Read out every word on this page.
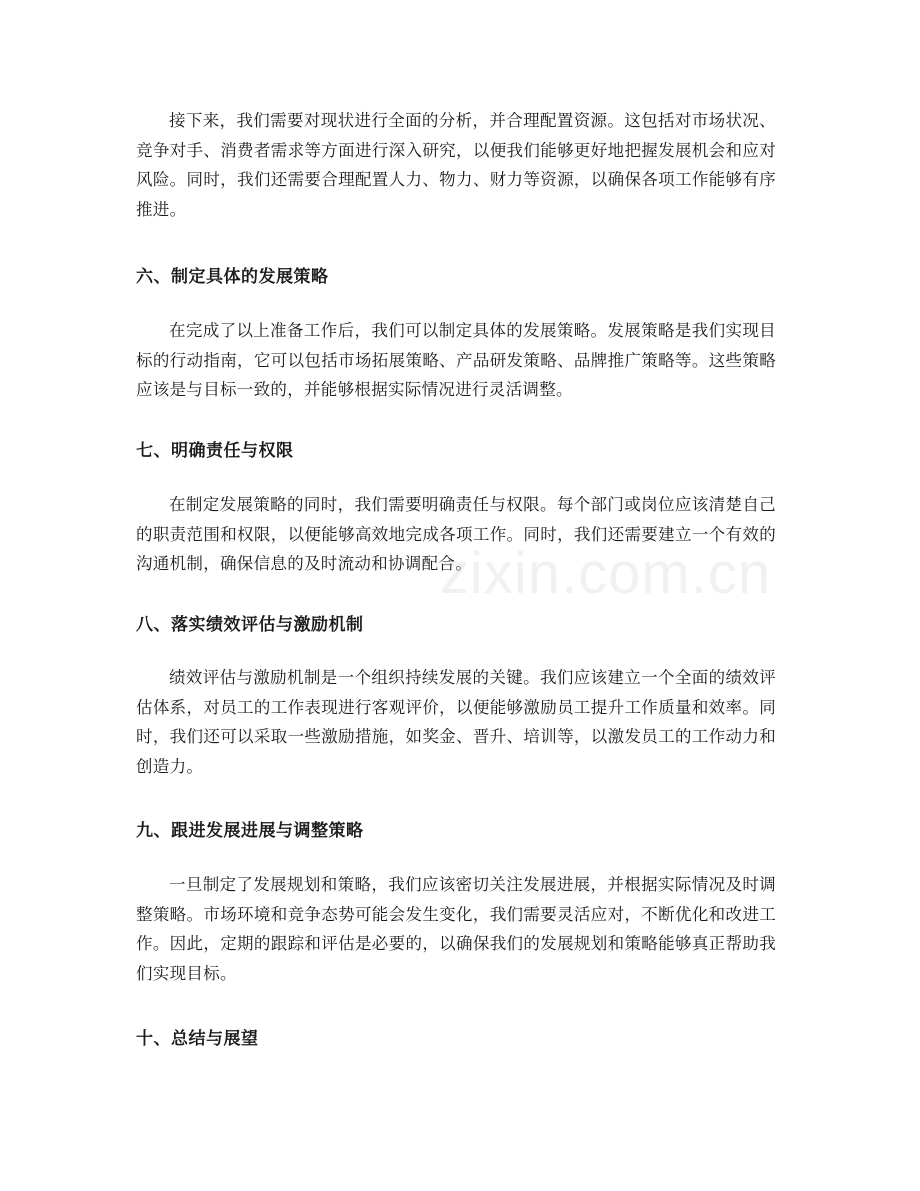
接下来，我们需要对现状进行全面的分析，并合理配置资源。这包括对市场状况、竞争对手、消费者需求等方面进行深入研究，以便我们能够更好地把握发展机会和应对风险。同时，我们还需要合理配置人力、物力、财力等资源，以确保各项工作能够有序推进。

六、制定具体的发展策略

在完成了以上准备工作后，我们可以制定具体的发展策略。发展策略是我们实现目标的行动指南，它可以包括市场拓展策略、产品研发策略、品牌推广策略等。这些策略应该是与目标一致的，并能够根据实际情况进行灵活调整。

七、明确责任与权限

在制定发展策略的同时，我们需要明确责任与权限。每个部门或岗位应该清楚自己的职责范围和权限，以便能够高效地完成各项工作。同时，我们还需要建立一个有效的沟通机制，确保信息的及时流动和协调配合。

八、落实绩效评估与激励机制

绩效评估与激励机制是一个组织持续发展的关键。我们应该建立一个全面的绩效评估体系，对员工的工作表现进行客观评价，以便能够激励员工提升工作质量和效率。同时，我们还可以采取一些激励措施，如奖金、晋升、培训等，以激发员工的工作动力和创造力。

九、跟进发展进展与调整策略

一旦制定了发展规划和策略，我们应该密切关注发展进展，并根据实际情况及时调整策略。市场环境和竞争态势可能会发生变化，我们需要灵活应对，不断优化和改进工作。因此，定期的跟踪和评估是必要的，以确保我们的发展规划和策略能够真正帮助我们实现目标。

十、总结与展望
zixin.com.cn
